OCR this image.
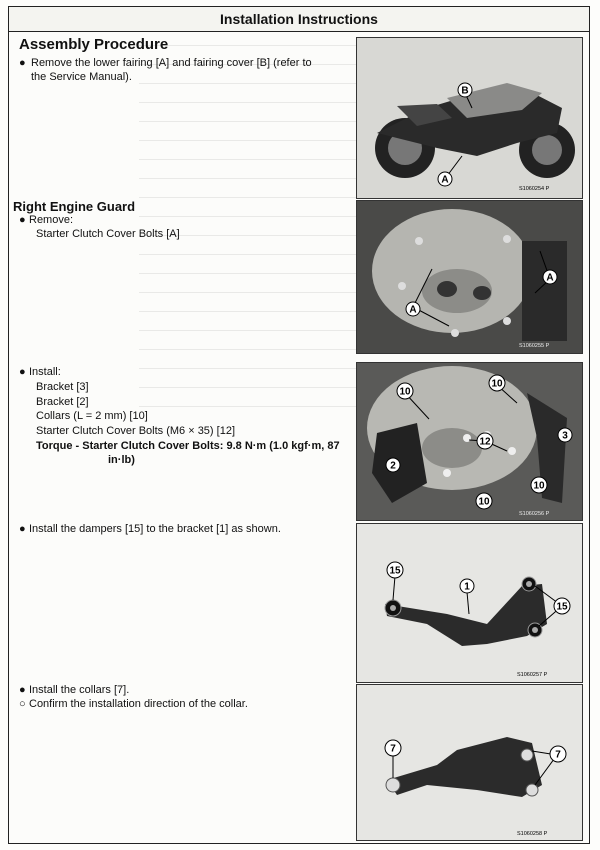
Installation Instructions
Assembly Procedure
● Remove the lower fairing [A] and fairing cover [B] (refer to
the Service Manual).
Right Engine Guard
● Remove:
Starter Clutch Cover Bolts [A]
● Install:
Bracket [3]
Bracket [2]
Collars (L = 2 mm) [10]
Starter Clutch Cover Bolts (M6 × 35) [12]
Torque - Starter Clutch Cover Bolts: 9.8 N·m (1.0 kgf·m, 87
in·lb)
● Install the dampers [15] to the bracket [1] as shown.
● Install the collars [7].
○ Confirm the installation direction of the collar.
B
A
S1060254 P
A
A
S1060255 P
10
10
12
3
2
10
10
S1060256 P
15
1
15
S1060257 P
7
7
S1060258 P
